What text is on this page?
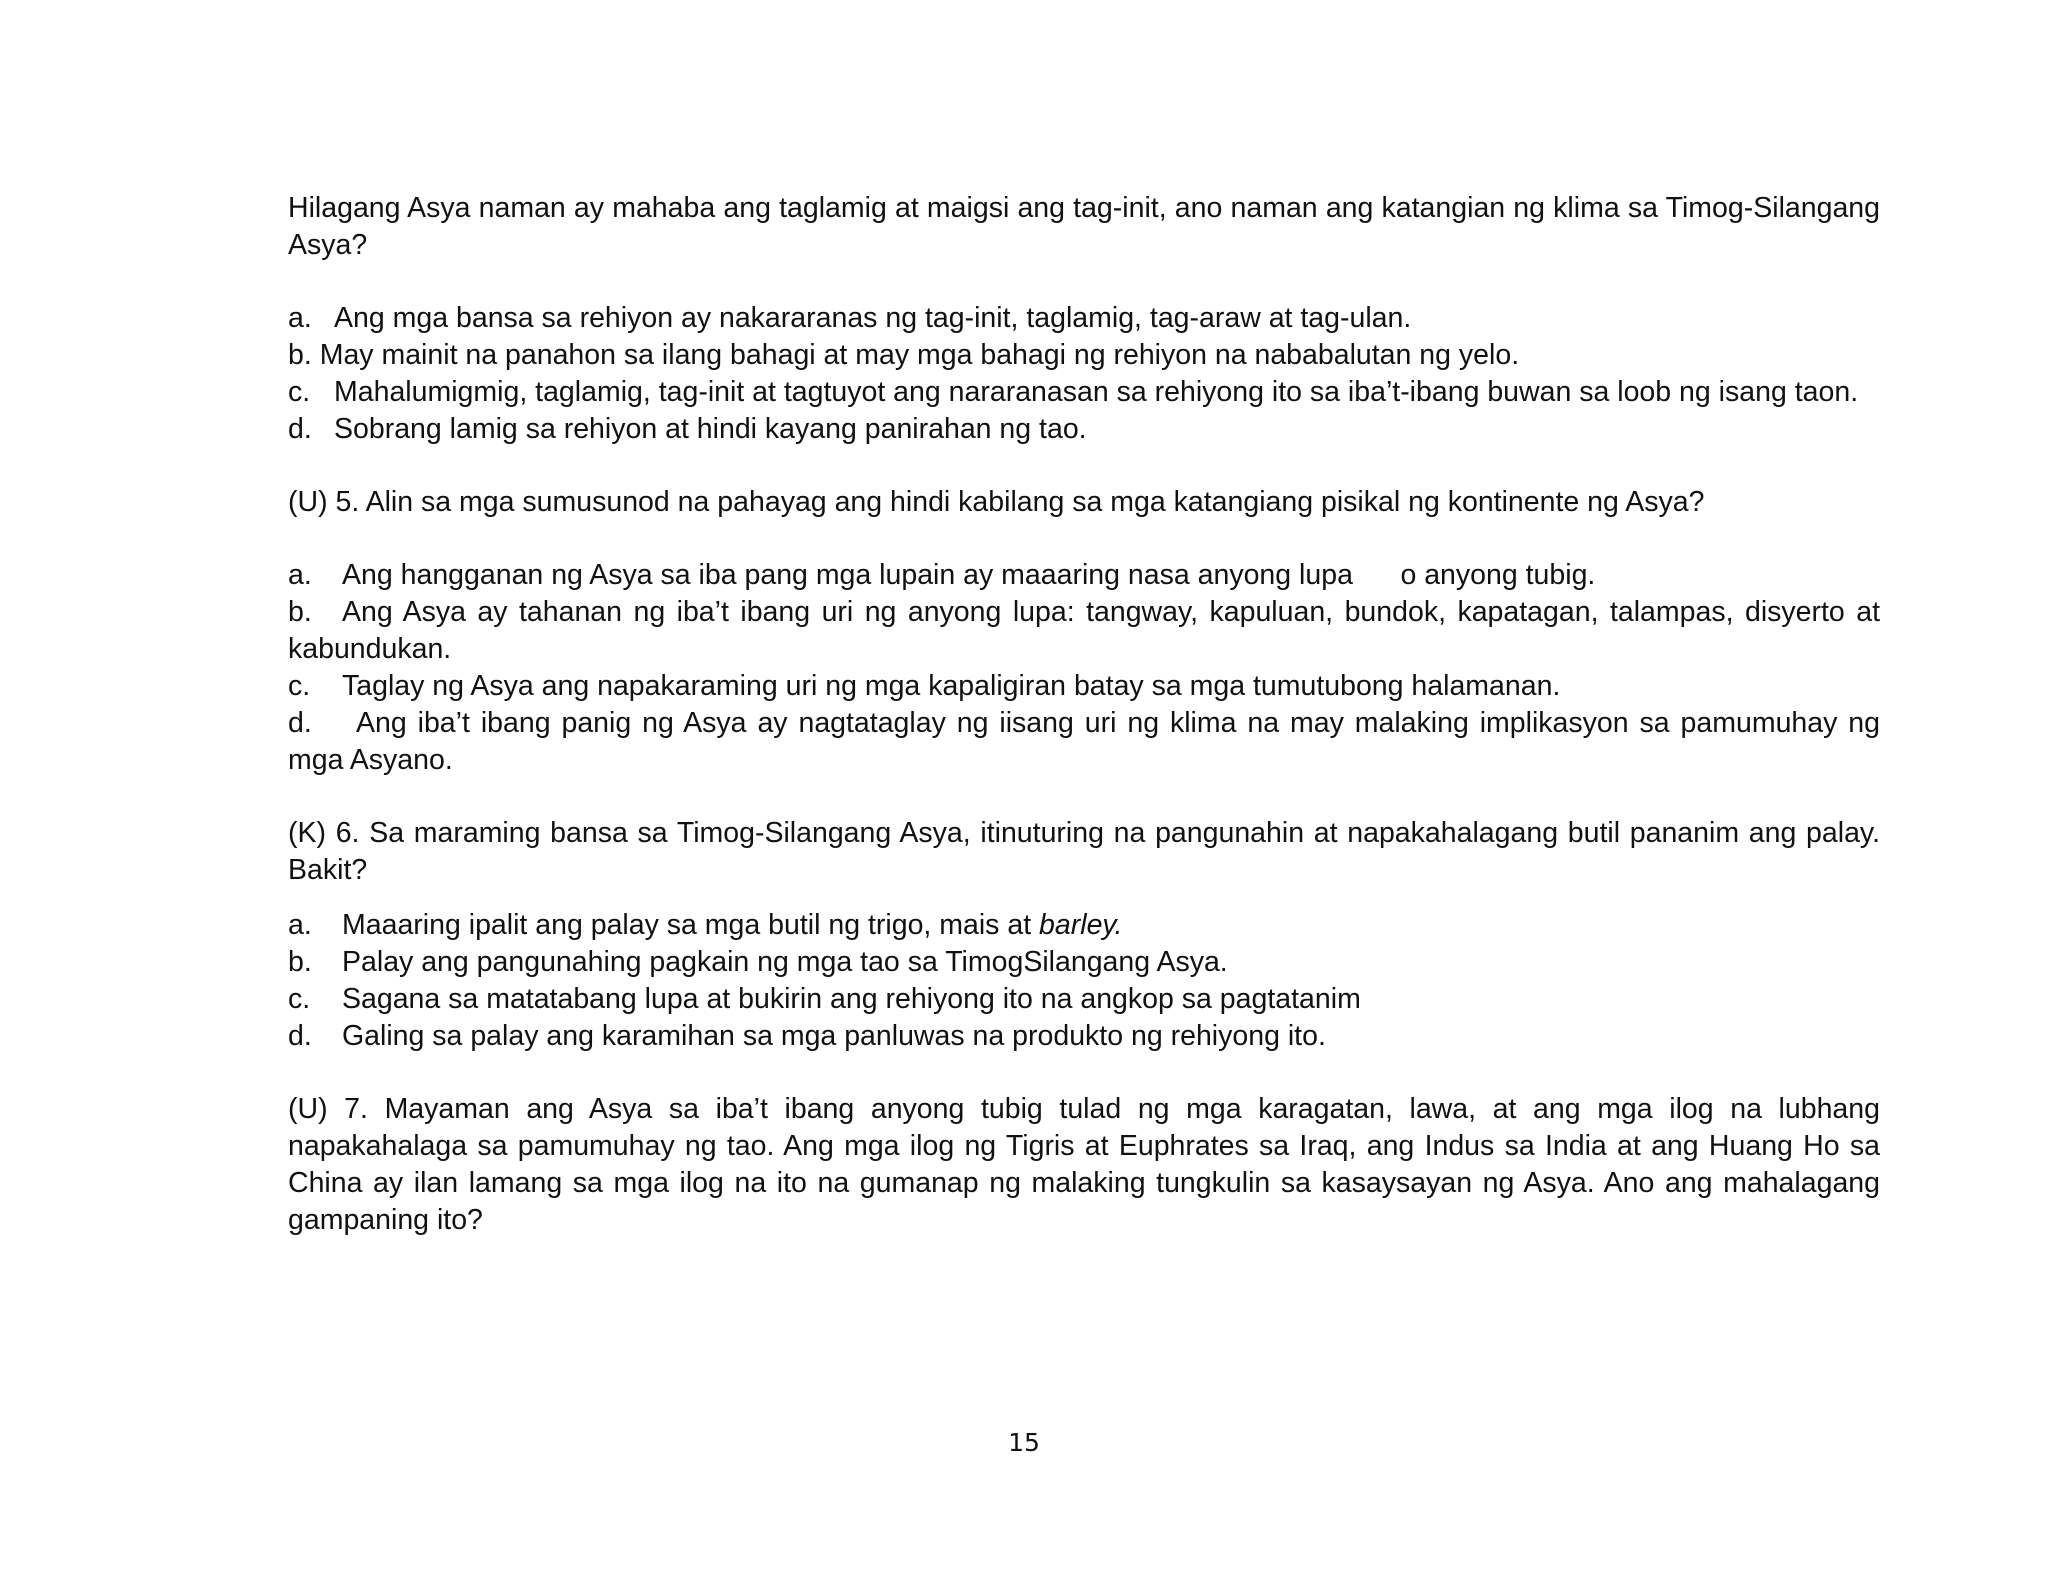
Hilagang Asya naman ay mahaba ang taglamig at maigsi ang tag-init, ano naman ang katangian ng klima sa Timog-Silangang Asya?

a. Ang mga bansa sa rehiyon ay nakararanas ng tag-init, taglamig, tag-araw at tag-ulan.

b. May mainit na panahon sa ilang bahagi at may mga bahagi ng rehiyon na nababalutan ng yelo.

c. Mahalumigmig, taglamig, tag-init at tagtuyot ang nararanasan sa rehiyong ito sa iba’t-ibang buwan sa loob ng isang taon.

d. Sobrang lamig sa rehiyon at hindi kayang panirahan ng tao.

(U) 5. Alin sa mga sumusunod na pahayag ang hindi kabilang sa mga katangiang pisikal ng kontinente ng Asya?

a. Ang hangganan ng Asya sa iba pang mga lupain ay maaaring nasa anyong lupa      o anyong tubig.

b. Ang Asya ay tahanan ng iba’t ibang uri ng anyong lupa: tangway, kapuluan, bundok, kapatagan, talampas, disyerto at kabundukan.

c. Taglay ng Asya ang napakaraming uri ng mga kapaligiran batay sa mga tumutubong halamanan.

d. Ang iba’t ibang panig ng Asya ay nagtataglay ng iisang uri ng klima na may malaking implikasyon sa pamumuhay ng mga Asyano.

(K) 6. Sa maraming bansa sa Timog-Silangang Asya, itinuturing na pangunahin at napakahalagang butil pananim ang palay. Bakit?

a. Maaaring ipalit ang palay sa mga butil ng trigo, mais at barley.

b. Palay ang pangunahing pagkain ng mga tao sa TimogSilangang Asya.

c. Sagana sa matatabang lupa at bukirin ang rehiyong ito na angkop sa pagtatanim

d. Galing sa palay ang karamihan sa mga panluwas na produkto ng rehiyong ito.

(U) 7. Mayaman ang Asya sa iba’t ibang anyong tubig tulad ng mga karagatan, lawa, at ang mga ilog na lubhang napakahalaga sa pamumuhay ng tao. Ang mga ilog ng Tigris at Euphrates sa Iraq, ang Indus sa India at ang Huang Ho sa China ay ilan lamang sa mga ilog na ito na gumanap ng malaking tungkulin sa kasaysayan ng Asya. Ano ang mahalagang gampaning ito?

15
